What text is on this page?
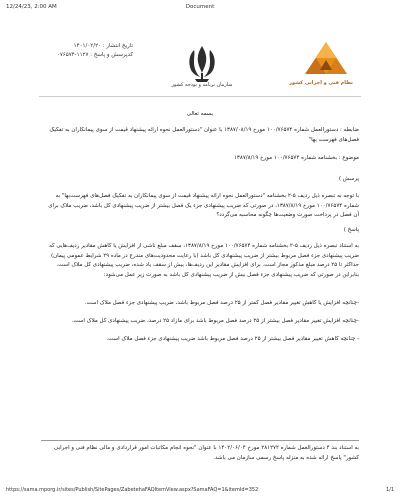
12/24/23, 2:00 AM	Document
تاریخ انتشار : ۱۴۰۱/۰۲/۲۰
کدپرسش و پاسخ : ۱۱۲۷-۰۷۶۵۷۴
سازمان برنامه و بودجه کشور	نظام فنی و اجرایی کشور
بسمه تعالی
ضابطه : دستورالعمل شماره ۱۰۰/۷۶۵۷۴ مورخ ۱۳۸۷/۰۸/۱۹ با عنوان "دستورالعمل نحوه ارائه پیشنهاد قیمت از سوی پیمانکاران به تفکیک فصل‌های فهرست بها"
موضوع : بخشنامه شماره ۱۰۰/۷۶۵۷۴ مورخ ۱۳۸۷/۸/۱۹
پرسش )
با توجه به تبصره ذیل ردیف ۵-۲ بخشنامه "دستورالعمل نحوه ارائه پیشنهاد قیمت از سوی پیمانکاران به تفکیک فصل‌های فهرست‌بها" به شماره ۱۰۰/۷۶۵۷۴ مورخ ۱۳۸۷/۸/۱۹، در صورتی که ضریب پیشنهادی جزء یک فصل بیشتر از ضریب پیشنهادی کل باشد، ضریب ملاک برای آن فصل در پرداخت صورت وضعیت‌ها چگونه محاسبه می‌گردد؟
پاسخ )
به استناد تبصره ذیل ردیف ۵-۲ بخشنامه شماره ۱۰۰/۷۶۵۷۴ مورخ ۱۳۸۷/۸/۱۹، سقف مبلغ ناشی از افزایش یا کاهش مقادیر ردیف‌هایی که ضریب پیشنهادی جزء فصل مربوط بیشتر از ضریب پیشنهادی کل باشد (با رعایت محدودیت‌های مندرج در ماده ۲۹ شرایط عمومی پیمان) حداکثر تا ۲۵ درصد مبلغ مذکور مجاز است. برای افزایش مقادیر این ردیف‌ها، بیش از سقف یاد شده، ضریب پیشنهادی کل ملاک است. بنابراین در صورتی که ضریب پیشنهادی جزء فصل بیش از ضریب پیشنهادی کل باشد به صورت زیر عمل می‌شود:
-چنانچه افزایش یا کاهش تغییر مقادیر فصل کمتر از ۲۵ درصد فصل مربوط باشد، ضریب پیشنهادی جزء فصل ملاک است.
-چنانچه افزایش تغییر مقادیر فصل بیشتر از ۲۵ درصد فصل مربوط باشد برای مازاد ۲۵ درصد، ضریب پیشنهادی کل ملاک است.
- چنانچه کاهش تغییر مقادیر فصل بیشتر از ۲۵ درصد فصل مربوط باشد ضریب پیشنهادی جزء فصل ملاک است.
به استناد بند ۴ دستورالعمل شماره ۲۸۱۲۷۲ مورخ ۱۴۰۲/۰۶/۰۴ با عنوان "نحوه انجام مکاتبات امور قراردادی و مالی نظام فنی و اجرایی کشور" پاسخ ارائه شده به منزله پاسخ رسمی سازمان می باشد.
https://sama.mporg.ir/sites/Publish/SitePages/ZabetehaFAQItemView.aspx?SamaFAQ=1&itemId=352	1/1
